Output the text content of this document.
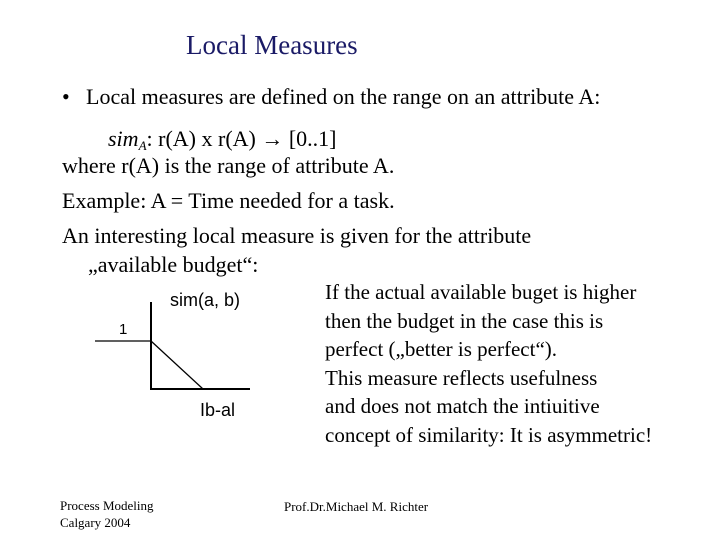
Local Measures
• Local measures are defined on the range on an attribute A:
sim$_A$: r(A) x r(A) → [0..1]
where r(A) is the range of attribute A.
Example: A = Time needed for a task.
An interesting local measure is given for the attribute
„available budget“:
sim(a, b)
Ib-al
1
If the actual available buget is higher
then the budget in the case this is
perfect („better is perfect“).
This measure reflects usefulness
and does not match the intiuitive
concept of similarity: It is asymmetric!
Process Modeling
Calgary 2004
Prof.Dr.Michael M. Richter
